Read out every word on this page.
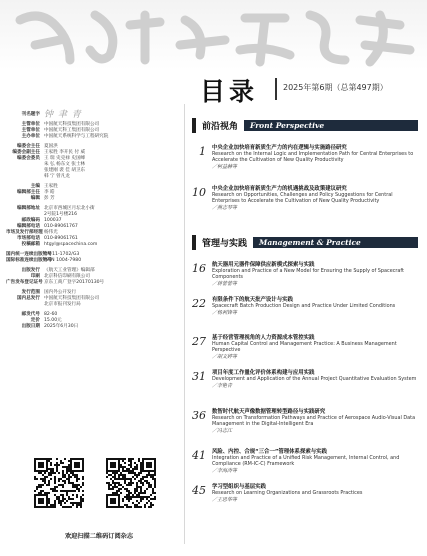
目录	2025年第6期（总第497期）
刊名题字 钟 聿 青
主管单位 中国航天科技集团有限公司
主管单位 中国航天科工集团有限公司
主办单位 中国航天系统科学与工程研究院
编委会主任 夏国洪
编委会副主任 王家胜 李开民 付 威
编委会委员 王 瑞 史克禄 史国峰
朱 弘 杨东文 张士林
张建刚 裴 佳 胡卫东
韩 宁 曾凡龙
主编 王家胜
编辑部主任 李 皓
编辑 彭 芳
编辑部地址 北京市西城区月坛北小街
2号院1号楼216
邮政编码 100037
编辑部电话 010-89061767
市场及发行部经理 杨伟光
市场部电话 010-89061761
投稿邮箱 htgyl@spacechina.com
国内统一连续出版物号
CN 11-1702/G3
国际标准连续出版物号
ISSN 1004-7980
出版发行 《航天工业管理》编辑部
印刷 北京科信印刷有限公司
广告发布登记证号 京东工商广登字20170130号
发行范围 国内外公开发行
国内总发行 中国航天科技集团有限公司
北京市报刊发行局
邮发代号 82-60
定价 15.00元
出版日期 2025年6月30日
欢迎扫描二维码订阅杂志
前沿视角	Front Perspective
管理与实践	Management & Practice
1 中央企业加快培育新质生产力的内在逻辑与实施路径研究
Research on the Internal Logic and Implementation Path for Central Enterprises to Accelerate the Cultivation of New Quality Productivity
／柯益赫等
10 中央企业加快培育新质生产力的机遇挑战及政策建议研究
Research on Opportunities, Challenges and Policy Suggestions for Central Enterprises to Accelerate the Cultivation of New Quality Productivity
／燕志琴等
16 航天器用元器件保障供应新模式探索与实践
Exploration and Practice of a New Model for Ensuring the Supply of Spacecraft Components
／蒋蕾蕾等
22 有限条件下的航天批产设计与实践
Spacecraft Batch Production Design and Practice Under Limited Conditions
／杨利锋等
27 基于经营管理视角的人力资源成本管控实践
Human Capital Control and Management Practice: A Business Management Perspective
／胡文婷等
31 项目年度工作量化评价体系构建与应用实践
Development and Application of the Annual Project Quantitative Evaluation System
／李艳青
36 数智时代航天声像数据管理转型路径与实践研究
Research on Transformation Pathways and Practice of Aerospace Audio-Visual Data Management in the Digital-Intelligent Era
／冯志江
41 风险、内控、合规“三合一”管理体系探索与实践
Integration and Practice of a Unified Risk Management, Internal Control, and Compliance (RM-IC-C) Framework
／李海涛等
45 学习型组织与基层实践
Research on Learning Organizations and Grassroots Practices
／王思华等
